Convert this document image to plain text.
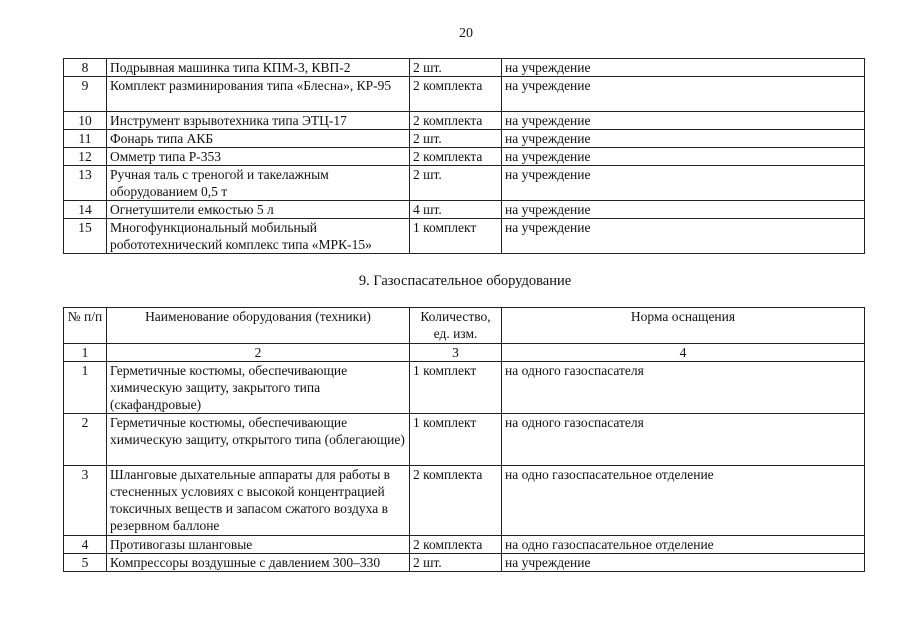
20
8	Подрывная машинка типа КПМ-3, КВП-2	2 шт.	на учреждение
9	Комплект разминирования типа «Блесна», КР-95	2 комплекта	на учреждение
10	Инструмент взрывотехника типа ЭТЦ-17	2 комплекта	на учреждение
11	Фонарь типа АКБ	2 шт.	на учреждение
12	Омметр типа Р-353	2 комплекта	на учреждение
13	Ручная таль с треногой и такелажным оборудованием 0,5 т	2 шт.	на учреждение
14	Огнетушители емкостью 5 л	4 шт.	на учреждение
15	Многофункциональный мобильный робототехнический комплекс типа «МРК-15»	1 комплект	на учреждение
9. Газоспасательное оборудование
№ п/п	Наименование оборудования (техники)	Количество, ед. изм.	Норма оснащения
1	2	3	4
1	Герметичные костюмы, обеспечивающие химическую защиту, закрытого типа (скафандровые)	1 комплект	на одного газоспасателя
2	Герметичные костюмы, обеспечивающие химическую защиту, открытого типа (облегающие)	1 комплект	на одного газоспасателя
3	Шланговые дыхательные аппараты для работы в стесненных условиях с высокой концентрацией токсичных веществ и запасом сжатого воздуха в резервном баллоне	2 комплекта	на одно газоспасательное отделение
4	Противогазы шланговые	2 комплекта	на одно газоспасательное отделение
5	Компрессоры воздушные с давлением 300–330	2 шт.	на учреждение
